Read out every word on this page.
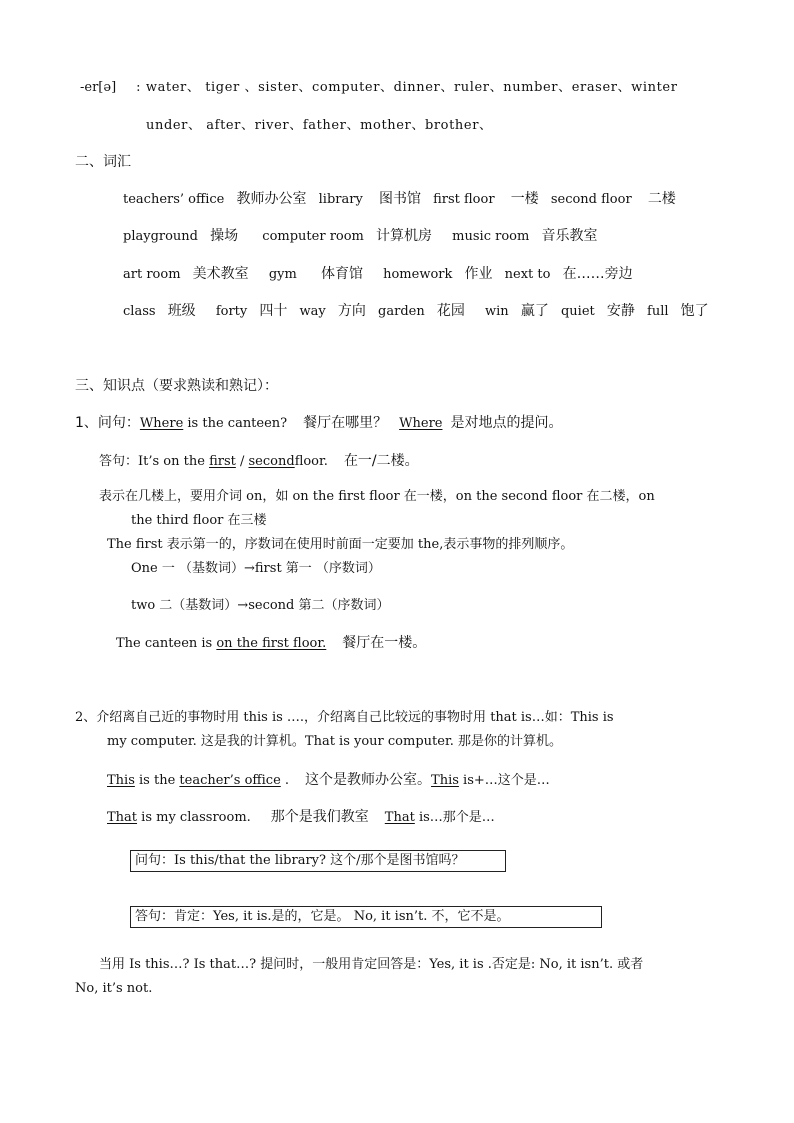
-er[ə] : water、 tiger 、sister、computer、dinner、ruler、number、eraser、winter
under、 after、river、father、mother、brother、
二、词汇
teachers’ office 教师办公室 library 图书馆 first floor 一楼 second floor 二楼
playground 操场 computer room 计算机房 music room 音乐教室
art room 美术教室 gym 体育馆 homework 作业 next to 在……旁边
class 班级 forty 四十 way 方向 garden 花园 win 赢了 quiet 安静 full 饱了
三、知识点（要求熟读和熟记）：
1、问句：Where is the canteen? 餐厅在哪里？ Where 是对地点的提问。
答句：It’s on the first / secondfloor. 在一/二楼。
表示在几楼上，要用介词 on，如 on the first floor 在一楼，on the second floor 在二楼，on
the third floor 在三楼
The first 表示第一的，序数词在使用时前面一定要加 the,表示事物的排列顺序。
One 一 （基数词）→first 第一 （序数词）
two 二（基数词）→second 第二（序数词）
The canteen is on the first floor. 餐厅在一楼。
2、介绍离自己近的事物时用 this is ….，介绍离自己比较远的事物时用 that is…如：This is
my computer. 这是我的计算机。That is your computer. 那是你的计算机。
This is the teacher’s office . 这个是教师办公室。This is+…这个是…
That is my classroom. 那个是我们教室 That is…那个是…
问句：Is this/that the library? 这个/那个是图书馆吗？
答句：肯定：Yes, it is.是的，它是。 No, it isn’t. 不，它不是。
当用 Is this…? Is that…? 提问时，一般用肯定回答是：Yes, it is .否定是: No, it isn’t. 或者
No, it’s not.
